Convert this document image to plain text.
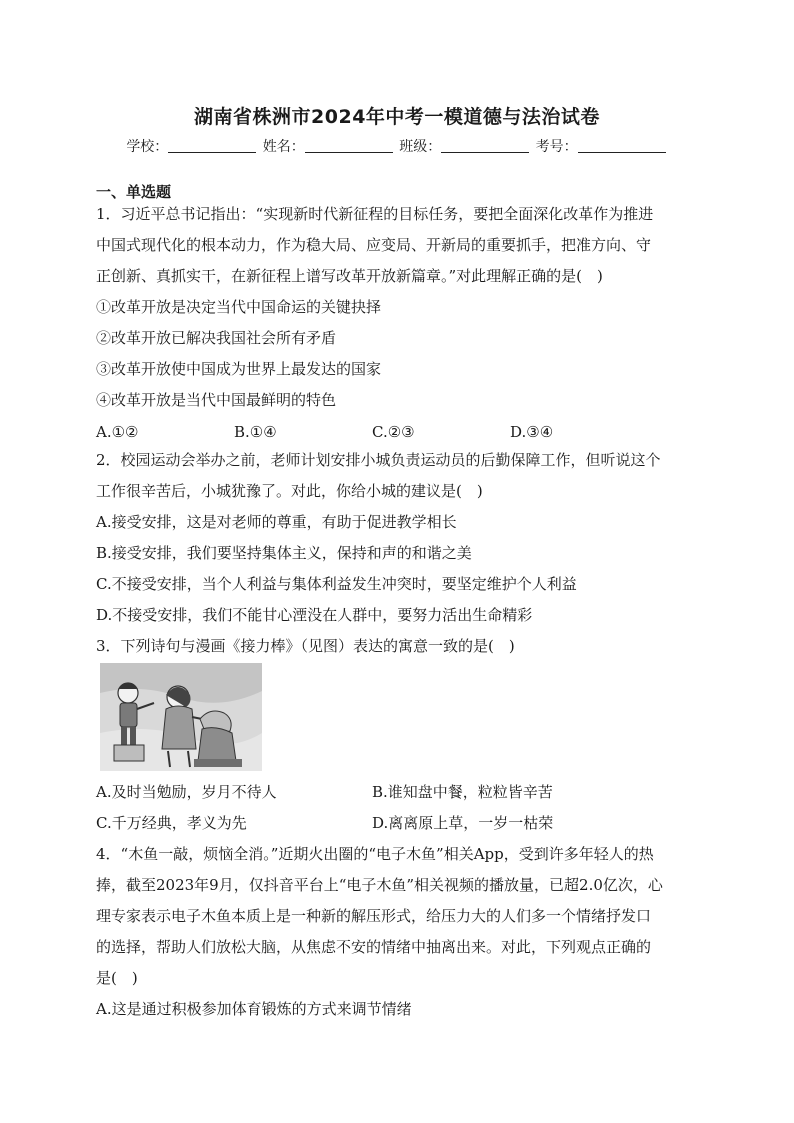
湖南省株洲市2024年中考一模道德与法治试卷
学校：	姓名：	班级：	考号：
一、单选题
1．习近平总书记指出：“实现新时代新征程的目标任务，要把全面深化改革作为推进
中国式现代化的根本动力，作为稳大局、应变局、开新局的重要抓手，把准方向、守
正创新、真抓实干，在新征程上谱写改革开放新篇章。”对此理解正确的是(　)
①改革开放是决定当代中国命运的关键抉择
②改革开放已解决我国社会所有矛盾
③改革开放使中国成为世界上最发达的国家
④改革开放是当代中国最鲜明的特色
A.①②	B.①④	C.②③	D.③④
2．校园运动会举办之前，老师计划安排小城负责运动员的后勤保障工作，但听说这个
工作很辛苦后，小城犹豫了。对此，你给小城的建议是(　)
A.接受安排，这是对老师的尊重，有助于促进教学相长
B.接受安排，我们要坚持集体主义，保持和声的和谐之美
C.不接受安排，当个人利益与集体利益发生冲突时，要坚定维护个人利益
D.不接受安排，我们不能甘心湮没在人群中，要努力活出生命精彩
3．下列诗句与漫画《接力棒》（见图）表达的寓意一致的是(　)
A.及时当勉励，岁月不待人	B.谁知盘中餐，粒粒皆辛苦
C.千万经典，孝义为先	D.离离原上草，一岁一枯荣
4．“木鱼一敲，烦恼全消。”近期火出圈的“电子木鱼”相关App，受到许多年轻人的热
捧，截至2023年9月，仅抖音平台上“电子木鱼”相关视频的播放量，已超2.0亿次，心
理专家表示电子木鱼本质上是一种新的解压形式，给压力大的人们多一个情绪抒发口
的选择，帮助人们放松大脑，从焦虑不安的情绪中抽离出来。对此，下列观点正确的
是(　)
A.这是通过积极参加体育锻炼的方式来调节情绪
